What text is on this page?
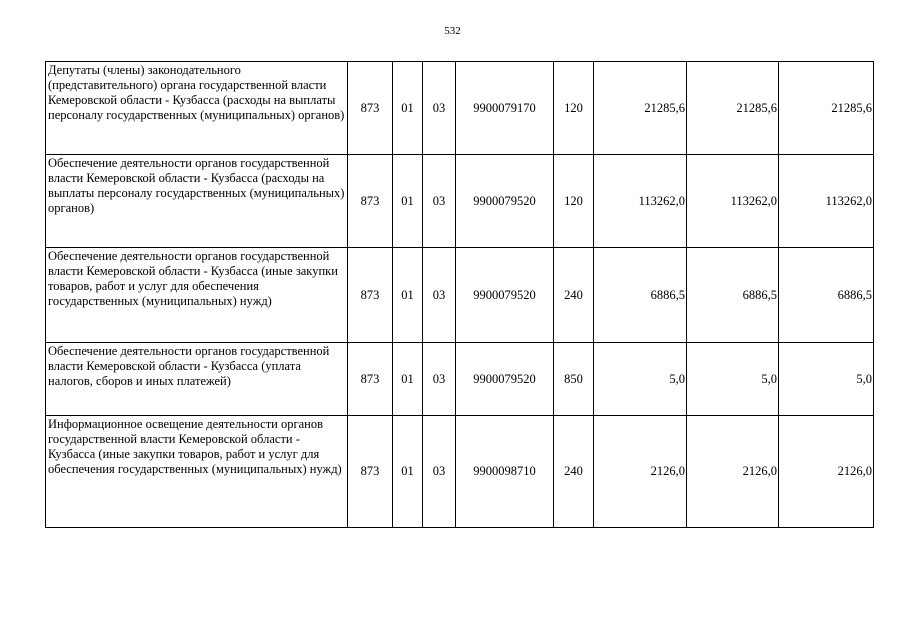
532
Депутаты (члены) законодательного (представительного) органа государственной власти Кемеровской области - Кузбасса (расходы на выплаты персоналу государственных (муниципальных) органов)	873	01	03	9900079170	120	21285,6	21285,6	21285,6
Обеспечение деятельности органов государственной власти Кемеровской области - Кузбасса (расходы на выплаты персоналу государственных (муниципальных) органов)	873	01	03	9900079520	120	113262,0	113262,0	113262,0
Обеспечение деятельности органов государственной власти Кемеровской области - Кузбасса (иные закупки товаров, работ и услуг для обеспечения государственных (муниципальных) нужд)	873	01	03	9900079520	240	6886,5	6886,5	6886,5
Обеспечение деятельности органов государственной власти Кемеровской области - Кузбасса (уплата налогов, сборов и иных платежей)	873	01	03	9900079520	850	5,0	5,0	5,0
Информационное освещение деятельности органов государственной власти Кемеровской области - Кузбасса (иные закупки товаров, работ и услуг для обеспечения государственных (муниципальных) нужд)	873	01	03	9900098710	240	2126,0	2126,0	2126,0
